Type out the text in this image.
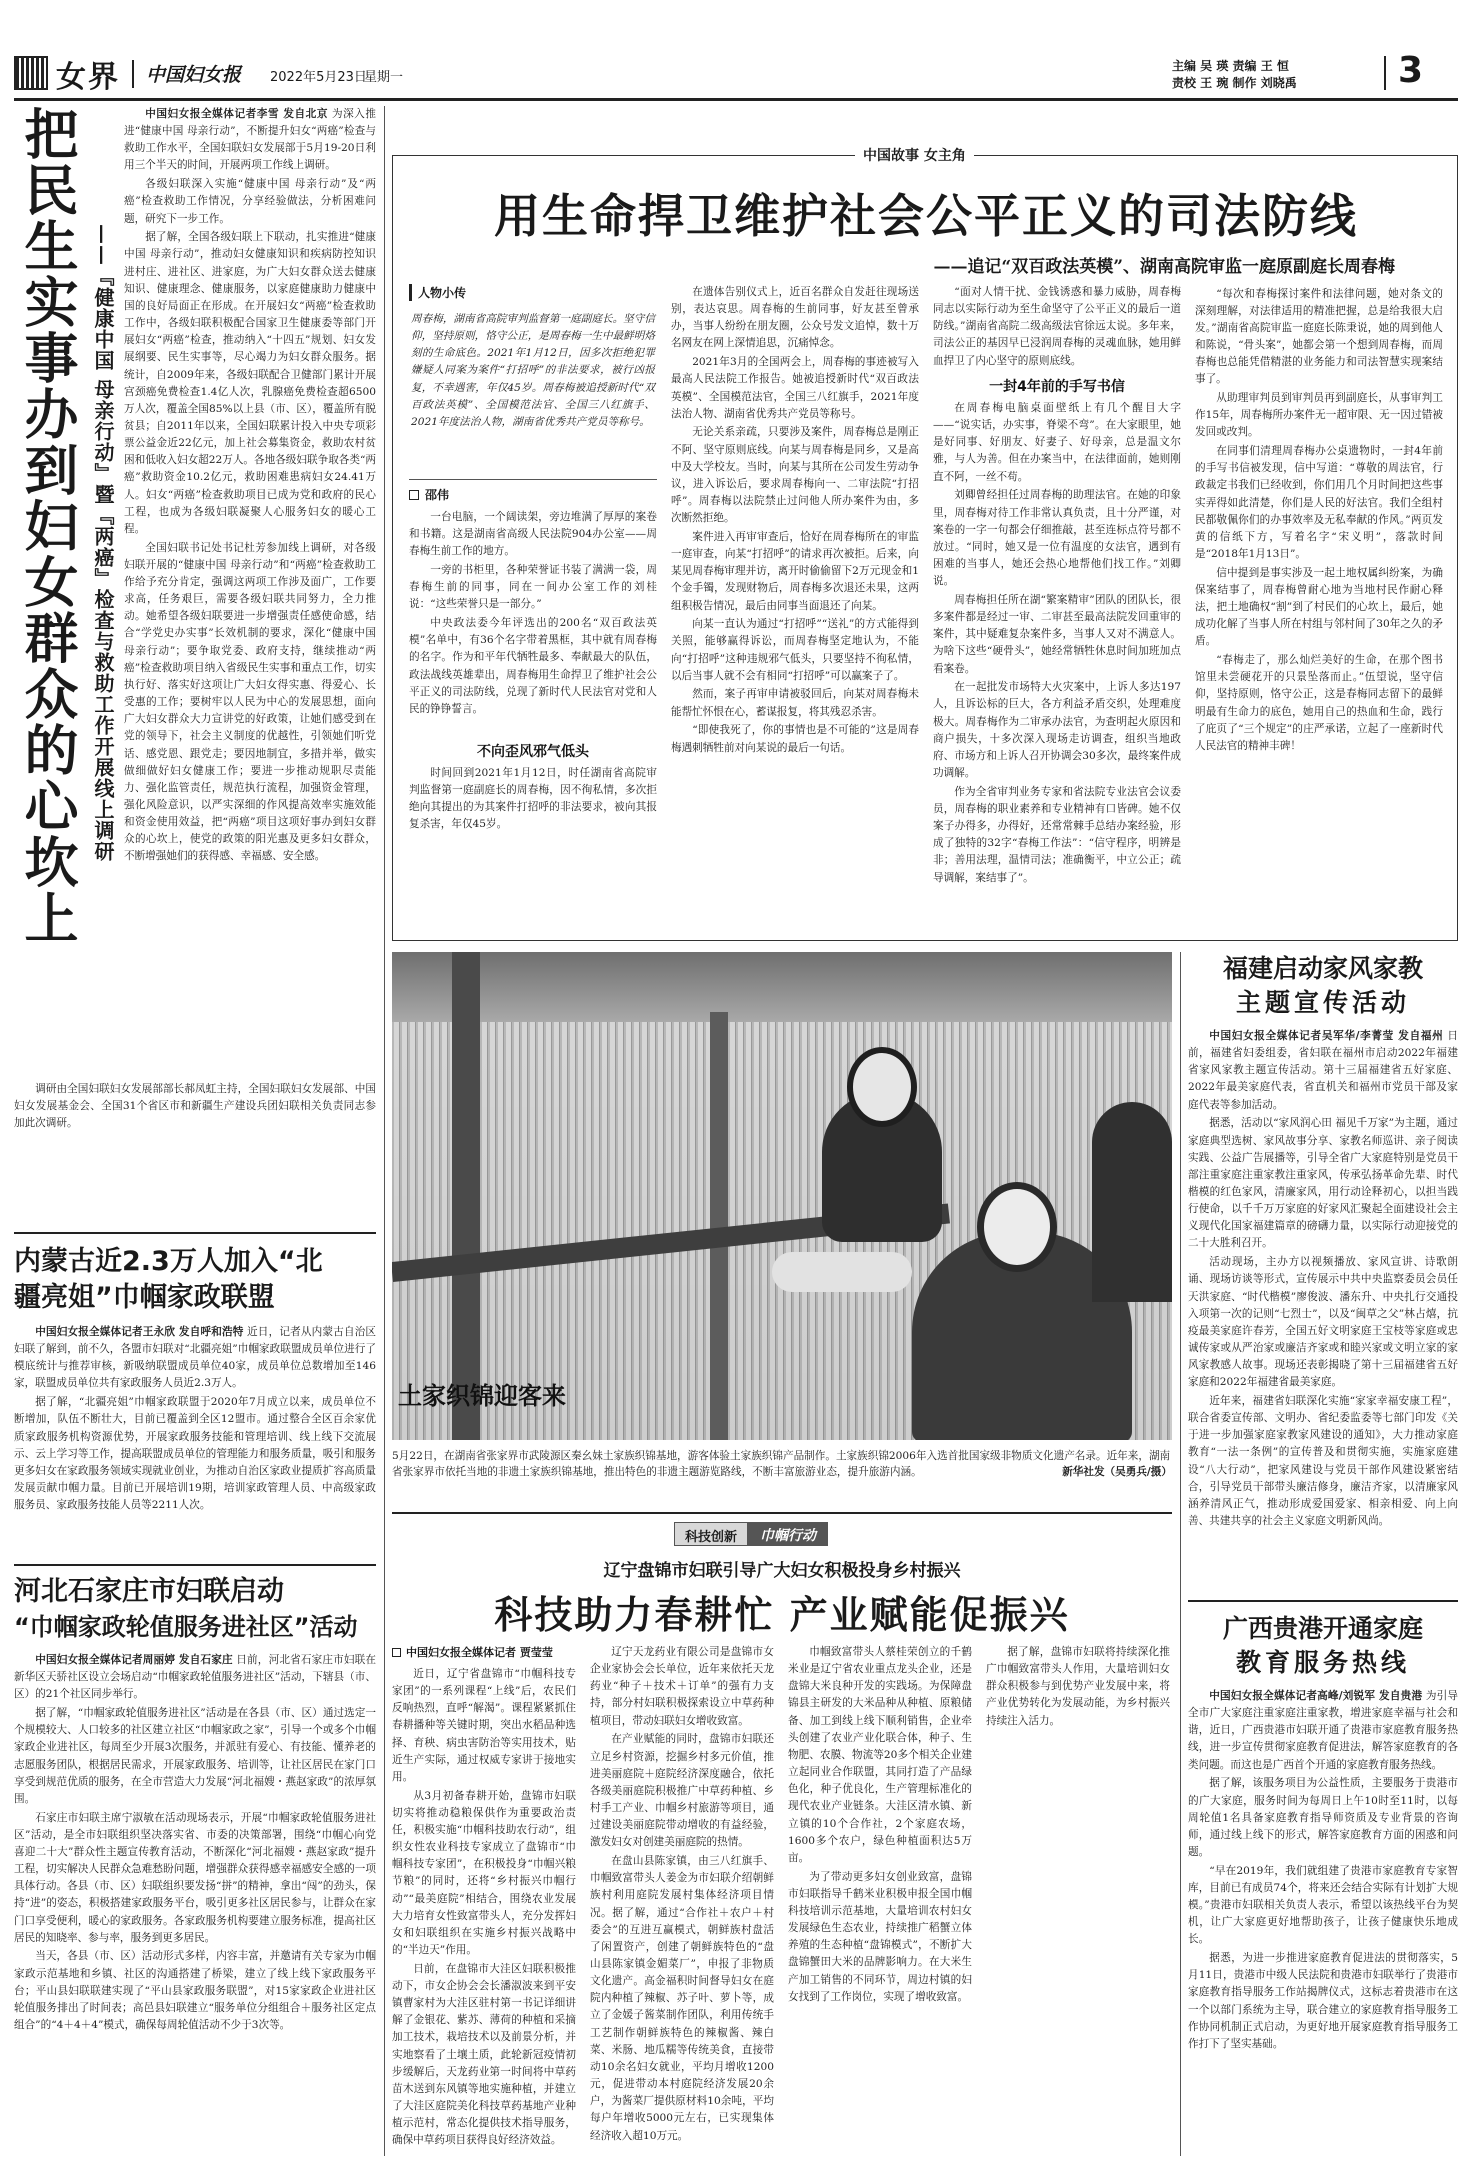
女界 中国妇女报 2022年5月23日
星期一
主编 吴 瑛 责编 王 恒
责校 王 琬 制作 刘晓禹	3
把民生实事办到妇女群众的心坎上 ——『健康中国 母亲行动』暨『两癌』检查与救助工作开展线上调研

中国妇女报全媒体记者李雪 发自北京 为深入推进“健康中国 母亲行动”，不断提升妇女“两癌”检查与救助工作水平，全国妇联妇女发展部于5月19-20日利用三个半天的时间，开展两项工作线上调研。

各级妇联深入实施“健康中国 母亲行动”及“两癌”检查救助工作情况，分享经验做法，分析困难问题，研究下一步工作。

据了解，全国各级妇联上下联动，扎实推进“健康中国 母亲行动”，推动妇女健康知识和疾病防控知识进村庄、进社区、进家庭，为广大妇女群众送去健康知识、健康理念、健康服务，以家庭健康助力健康中国的良好局面正在形成。在开展妇女“两癌”检查救助工作中，各级妇联积极配合国家卫生健康委等部门开展妇女“两癌”检查，推动纳入“十四五”规划、妇女发展纲要、民生实事等，尽心竭力为妇女群众服务。据统计，自2009年来，各级妇联配合卫健部门累计开展宫颈癌免费检查1.4亿人次，乳腺癌免费检查超6500万人次，覆盖全国85%以上县（市、区），覆盖所有脱贫县；自2011年以来，全国妇联累计投入中央专项彩票公益金近22亿元，加上社会募集资金，救助农村贫困和低收入妇女超22万人。各地各级妇联争取各类“两癌”救助资金10.2亿元，救助困难患病妇女24.41万人。妇女“两癌”检查救助项目已成为党和政府的民心工程，也成为各级妇联凝聚人心服务妇女的暖心工程。

全国妇联书记处书记杜芳参加线上调研，对各级妇联开展的“健康中国 母亲行动”和“两癌”检查救助工作给予充分肯定，强调这两项工作涉及面广，工作要求高，任务艰巨，需要各级妇联共同努力，全力推动。她希望各级妇联要进一步增强责任感使命感，结合“学党史办实事”长效机制的要求，深化“健康中国 母亲行动”；要争取党委、政府支持，继续推动“两癌”检查救助项目纳入省级民生实事和重点工作，切实执行好、落实好这项让广大妇女得实惠、得爱心、长受惠的工作；要树牢以人民为中心的发展思想，面向广大妇女群众大力宣讲党的好政策，让她们感受到在党的领导下，社会主义制度的优越性，引领她们听党话、感党恩、跟党走；要因地制宜，多措并举，做实做细做好妇女健康工作；要进一步推动规职尽责能力、强化监管责任，规范执行流程，加强资金管理，强化风险意识，以严实深细的作风提高效率实施效能和资金使用效益，把“两癌”项目这项好事办到妇女群众的心坎上，使党的政策的阳光惠及更多妇女群众，不断增强她们的获得感、幸福感、安全感。

调研由全国妇联妇女发展部部长郝凤虹主持，全国妇联妇女发展部、中国妇女发展基金会、全国31个省区市和新疆生产建设兵团妇联相关负责同志参加此次调研。

内蒙古近2.3万人加入“北
疆亮姐”巾帼家政联盟

中国妇女报全媒体记者王永欣 发自呼和浩特 近日，记者从内蒙古自治区妇联了解到，前不久，各盟市妇联对“北疆亮姐”巾帼家政联盟成员单位进行了模底统计与推荐审核，新吸纳联盟成员单位40家，成员单位总数增加至146家，联盟成员单位共有家政服务人员近2.3万人。

据了解，“北疆亮姐”巾帼家政联盟于2020年7月成立以来，成员单位不断增加，队伍不断壮大，目前已覆盖到全区12盟市。通过整合全区百余家优质家政服务机构资源优势，开展家政服务技能和管理培训、线上线下交流展示、云上学习等工作，提高联盟成员单位的管理能力和服务质量，吸引和服务更多妇女在家政服务领域实现就业创业，为推动自治区家政业提质扩容高质量发展贡献巾帼力量。目前已开展培训19期，培训家政管理人员、中高级家政服务员、家政服务技能人员等2211人次。

河北石家庄市妇联启动
“巾帼家政轮值服务进社区”活动

中国妇女报全媒体记者周丽婷 发自石家庄 日前，河北省石家庄市妇联在新华区天骄社区设立会场启动“巾帼家政轮值服务进社区”活动，下辖县（市、区）的21个社区同步举行。

据了解，“巾帼家政轮值服务进社区”活动是在各县（市、区）通过选定一个规模较大、人口较多的社区建立社区“巾帼家政之家”，引导一个或多个巾帼家政企业进社区，每周至少开展3次服务，并派驻有爱心、有技能、懂养老的志愿服务团队，根据居民需求，开展家政服务、培训等，让社区居民在家门口享受到规范优质的服务，在全市营造大力发展“河北福嫂・燕赵家政”的浓厚氛围。

石家庄市妇联主席宁淑敏在活动现场表示，开展“巾帼家政轮值服务进社区”活动，是全市妇联组织坚决落实省、市委的决策部署，围绕“巾帼心向党 喜迎二十大”群众性主题宣传教育活动，不断深化“河北福嫂・燕赵家政”提升工程，切实解决人民群众急难愁盼问题，增强群众获得感幸福感安全感的一项具体行动。各县（市、区）妇联组织要发扬“拼”的精神，拿出“闯”的劲头，保持“进”的姿态，积极搭建家政服务平台，吸引更多社区居民参与，让群众在家门口享受便利，暖心的家政服务。各家政服务机构要建立服务标准，提高社区居民的知晓率、参与率，服务到更多居民。

当天，各县（市、区）活动形式多样，内容丰富，并邀请有关专家为巾帼家政示范基地和乡镇、社区的沟通搭建了桥梁，建立了线上线下家政服务平台；平山县妇联联建实现了“平山县家政服务联盟”，对15家家政企业进社区轮值服务排出了时间表；高邑县妇联建立“服务单位分组组合＋服务社区定点组合”的“4＋4＋4”模式，确保每周轮值活动不少于3次等。

中国故事 女主角
用生命捍卫维护社会公平正义的司法防线
——追记“双百政法英模”、湖南高院审监一庭原副庭长周春梅
人物小传
周春梅，湖南省高院审判监督第一庭副庭长。坚守信仰，坚持原则，恪守公正，是周春梅一生中最鲜明烙刻的生命底色。2021年1月12日，因多次拒绝犯罪嫌疑人同案为案件“打招呼”的非法要求，被行凶报复，不幸遇害，年仅45岁。周春梅被追授新时代“双百政法英模”、全国模范法官、全国三八红旗手、2021年度法治人物，湖南省优秀共产党员等称号。
邵伟

一台电脑，一个阔读架，旁边堆满了厚厚的案卷和书籍。这是湖南省高级人民法院904办公室——周春梅生前工作的地方。

一旁的书柜里，各种荣誉证书装了满满一袋，周春梅生前的同事，同在一间办公室工作的刘桂说：“这些荣誉只是一部分。”

中央政法委今年评选出的200名“双百政法英模”名单中，有36个名字带着黑框，其中就有周春梅的名字。作为和平年代牺牲最多、奉献最大的队伍，政法战线英雄辈出，周春梅用生命捍卫了维护社会公平正义的司法防线，兑现了新时代人民法官对党和人民的铮铮誓言。

不向歪风邪气低头

时间回到2021年1月12日，时任湖南省高院审判监督第一庭副庭长的周春梅，因不徇私情，多次拒绝向其提出的为其案件打招呼的非法要求，被向其报复杀害，年仅45岁。

在遗体告别仪式上，近百名群众自发赶往现场送别，表达哀思。周春梅的生前同事，好友甚至曾承办，当事人纷纷在朋友圈，公众号发文追悼，数十万名网友在网上深情追思，沉痛悼念。

2021年3月的全国两会上，周春梅的事迹被写入最高人民法院工作报告。她被追授新时代“双百政法英模”、全国模范法官，全国三八红旗手，2021年度法治人物、湖南省优秀共产党员等称号。

无论关系亲疏，只要涉及案件，周春梅总是刚正不阿、坚守原则底线。向某与周春梅是同乡，又是高中及大学校友。当时，向某与其所在公司发生劳动争议，进入诉讼后，要求周春梅向一、二审法院“打招呼”。周春梅以法院禁止过问他人所办案件为由，多次断然拒绝。

案件进入再审审查后，恰好在周春梅所在的审监一庭审查，向某“打招呼”的请求再次被拒。后来，向某见周春梅审理并访，离开时偷偷留下2万元现金和1个金手镯，发现财物后，周春梅多次退还未果，这两组积极告情况，最后由同事当面退还了向某。

向某一直认为通过“打招呼”“送礼”的方式能得到关照，能够赢得诉讼，而周春梅坚定地认为，不能向“打招呼”这种违规邪气低头，只要坚持不徇私情，以后当事人就不会有相同“打招呼”可以赢案子了。

然而，案子再审申请被驳回后，向某对周春梅未能帮忙怀恨在心，蓄谋报复，将其残忍杀害。

“即使我死了，你的事情也是不可能的”这是周春梅遇刺牺牲前对向某说的最后一句话。

“面对人情干扰、金钱诱惑和暴力威胁，周春梅同志以实际行动为至生命坚守了公平正义的最后一道防线。”湖南省高院二级高级法官徐远太说。多年来，司法公正的基因早已浸润周春梅的灵魂血脉，她用鲜血捍卫了内心坚守的原则底线。

一封4年前的手写书信

在周春梅电脑桌面壁纸上有几个醒目大字——“说实话，办实事，脊梁不弯”。在大家眼里，她是好同事、好朋友、好妻子、好母亲，总是温文尔雅，与人为善。但在办案当中，在法律面前，她则刚直不阿，一丝不苟。

刘卿曾经担任过周春梅的助理法官。在她的印象里，周春梅对待工作非常认真负责，且十分严谨，对案卷的一字一句都会仔细推敲，甚至连标点符号都不放过。“同时，她又是一位有温度的女法官，遇到有困难的当事人，她还会热心地帮他们找工作。”刘卿说。

周春梅担任所在湖“繁案精审”团队的团队长，很多案件都是经过一审、二审甚至最高法院发回重审的案件，其中疑难复杂案件多，当事人又对不满意人。为啥下这些“硬骨头”，她经常牺牲休息时间加班加点看案卷。

在一起批发市场特大火灾案中，上诉人多达197人，且诉讼标的巨大，各方利益矛盾交织，处理难度极大。周春梅作为二审承办法官，为查明起火原因和商户损失，十多次深入现场走访调查，组织当地政府、市场方和上诉人召开协调会30多次，最终案件成功调解。

作为全省审判业务专家和省法院专业法官会议委员，周春梅的职业素养和专业精神有口皆碑。她不仅案子办得多，办得好，还常常棘手总结办案经验，形成了独特的32字“春梅工作法”：“信守程序，明辨是非；善用法理，温情司法；准确衡平，中立公正；疏导调解，案结事了”。

“每次和春梅探讨案件和法律问题，她对条文的深刻理解，对法律适用的精准把握，总是给我很大启发。”湖南省高院审监一庭庭长陈秉说，她的周到他人和陈说，“骨头案”，她都会第一个想到周春梅，而周春梅也总能凭借精湛的业务能力和司法智慧实现案结事了。

从助理审判员到审判员再到副庭长，从事审判工作15年，周春梅所办案件无一超审限、无一因过错被发回或改判。

在同事们清理周春梅办公桌遗物时，一封4年前的手写书信被发现，信中写道：“尊敬的周法官，行政裁定书我们已经收到，你们用几个月时间把这些事实弄得如此清楚，你们是人民的好法官。我们全组村民都敬佩你们的办事效率及无私奉献的作风。”两页发黄的信纸下方，写着名字“宋义明”，落款时间是“2018年1月13日”。

信中提到是事实涉及一起土地权属纠纷案，为确保案结事了，周春梅曾耐心地为当地村民作耐心释法，把土地确权“割”到了村民们的心坎上，最后，她成功化解了当事人所在村组与邻村间了30年之久的矛盾。

“春梅走了，那么灿烂美好的生命，在那个图书馆里未尝硬花开的只景坠落而止。”伍望说，坚守信仰，坚持原则，恪守公正，这是春梅同志留下的最鲜明最有生命力的底色，她用自己的热血和生命，践行了庇页了“三个规定”的庄严承诺，立起了一座新时代人民法官的精神丰碑！

土家织锦迎客来
5月22日，在湖南省张家界市武陵源区秦幺妹土家族织锦基地，游客体验土家族织锦产品制作。土家族织锦2006年入选首批国家级非物质文化遗产名录。近年来，湖南省张家界市依托当地的非遗土家族织锦基地，推出特色的非遗主题游览路线，不断丰富旅游业态，提升旅游内涵。	新华社发（吴勇兵/摄）
福建启动家风家教
主题宣传活动

中国妇女报全媒体记者吴军华/李菁莹 发自福州 日前，福建省妇委组委，省妇联在福州市启动2022年福建省家风家教主题宣传活动。第十三届福建省五好家庭、2022年最美家庭代表，省直机关和福州市党员干部及家庭代表等参加活动。

据悉，活动以“家风润心田 福见千万家”为主题，通过家庭典型选树、家风故事分享、家教名师巡讲、亲子阅读实践、公益广告展播等，引导全省广大家庭特别是党员干部注重家庭注重家教注重家风，传承弘扬革命先辈、时代楷模的红色家风，清廉家风，用行动诠释初心，以担当践行使命，以千千万万家庭的好家风汇聚起全面建设社会主义现代化国家福建篇章的磅礴力量，以实际行动迎接党的二十大胜利召开。

活动现场，主办方以视频播放、家风宣讲、诗歌朗诵、现场访谈等形式，宣传展示中共中央监察委员会员任天洪家庭、“时代楷模”廖俊波、潘东升、中央扎行交通投入项第一次的记则“七烈士”，以及“闽草之父”林占熺，抗疫最美家庭许春芳，全国五好文明家庭王宝枝等家庭或忠诚传家或从严治家或廉洁齐家或和睦兴家或文明立家的家风家教感人故事。现场还表彰揭晓了第十三届福建省五好家庭和2022年福建省最美家庭。

近年来，福建省妇联深化实施“家家幸福安康工程”，联合省委宣传部、文明办、省纪委监委等七部门印发《关于进一步加强家庭家教家风建设的通知》，大力推动家庭教育“一法一条例”的宣传普及和贯彻实施，实施家庭建设“八大行动”，把家风建设与党员干部作风建设紧密结合，引导党员干部带头廉洁修身，廉洁齐家，以清廉家风涵养清风正气，推动形成爱国爱家、相亲相爱、向上向善、共建共享的社会主义家庭文明新风尚。

广西贵港开通家庭
教育服务热线

中国妇女报全媒体记者高峰/刘锐军 发自贵港 为引导全市广大家庭注重家庭注重家教，增进家庭幸福与社会和谐，近日，广西贵港市妇联开通了贵港市家庭教育服务热线，进一步宣传贯彻家庭教育促进法，解答家庭教育的各类问题。而这也是广西首个开通的家庭教育服务热线。

据了解，该服务项目为公益性质，主要服务于贵港市的广大家庭，服务时间为每周日上午10时至11时，以每周轮值1名具备家庭教育指导师资质及专业背景的咨询师，通过线上线下的形式，解答家庭教育方面的困惑和问题。

“早在2019年，我们就组建了贵港市家庭教育专家智库，目前已有成员74个，将来还会结合实际有计划扩大规模。”贵港市妇联相关负责人表示，希望以该热线平台为契机，让广大家庭更好地帮助孩子，让孩子健康快乐地成长。

据悉，为进一步推进家庭教育促进法的贯彻落实，5月11日，贵港市中级人民法院和贵港市妇联举行了贵港市家庭教育指导服务工作站揭牌仪式，这标志着贵港市在这一个以部门系统为主导，联合建立的家庭教育指导服务工作协同机制正式启动，为更好地开展家庭教育指导服务工作打下了坚实基础。

科技创新	巾帼行动
辽宁盘锦市妇联引导广大妇女积极投身乡村振兴
科技助力春耕忙 产业赋能促振兴
中国妇女报全媒体记者 贾莹莹

近日，辽宁省盘锦市“巾帼科技专家团”的一系列课程“上线”后，农民们反响热烈，直呼“解渴”。课程紧紧抓住春耕播种等关键时期，突出水稻品种选择、育秧、病虫害防治等实用技术，贴近生产实际，通过权威专家讲于接地实用。

从3月初备春耕开始，盘锦市妇联切实将推动稳粮保供作为重要政治责任，积极实施“巾帼科技助农行动”，组织女性农业科技专家成立了盘锦市“巾帼科技专家团”，在积极投身“巾帼兴粮节粮”的同时，还将“乡村振兴巾帼行动”“最美庭院”相结合，围绕农业发展大力培育女性致富带头人，充分发挥妇女和妇联组织在实施乡村振兴战略中的“半边天”作用。

日前，在盘锦市大洼区妇联积极推动下，市女企协会会长潘淑波来到平安镇曹家村为大洼区驻村第一书记详细讲解了金银花、紫苏、薄荷的种植和采摘加工技术，栽培技术以及前景分析，并实地察看了土壤土质，此轮新冠疫情初步缓解后，天龙药业第一时间将中草药苗木送到东风镇等地实施种植，并建立了大洼区庭院美化科技草药基地产业种植示范村，常态化提供技术指导服务，确保中草药项目获得良好经济效益。

辽宁天龙药业有限公司是盘锦市女企业家协会会长单位，近年来依托天龙药业“种子＋技术＋订单”的强有力支持，部分村妇联积极探索设立中草药种植项目，带动妇联妇女增收致富。

在产业赋能的同时，盘锦市妇联还立足乡村资源，挖掘乡村多元价值，推进美丽庭院＋庭院经济深度融合，依托各级美丽庭院积极推广中草药种植、乡村手工产业、巾帼乡村旅游等项目，通过建设美丽庭院带动增收的有益经验，激发妇女对创建美丽庭院的热情。

在盘山县陈家镇，由三八红旗手、巾帼致富带头人姜金为市妇联介绍朝鲜族村利用庭院发展村集体经济项目情况。据了解，通过“合作社＋农户＋村委会”的互进互赢模式，朝鲜族村盘活了闲置资产，创建了朝鲜族特色的“盘山县陈家镇金媚菜厂”，申报了非物质文化遗产。高金福积时间督导妇女在庭院内种植了辣椒、苏子叶、萝卜等，成立了金媛子酱菜制作团队，利用传统手工艺制作朝鲜族特色的辣椒酱、辣白菜、米肠、地瓜糯等传统美食，直接带动10余名妇女就业，平均月增收1200元，促进带动本村庭院经济发展20余户，为酱菜厂提供原材料10余吨，平均每户年增收5000元左右，已实现集体经济收入超10万元。

巾帼致富带头人蔡桂荣创立的千鹤米业是辽宁省农业重点龙头企业，还是盘锦大米良种开发的实践场。为保障盘锦县主研发的大米品种从种植、原粮储备、加工到线上线下顺利销售，企业牵头创建了农业产业化联合体，种子、生物肥、农膜、物流等20多个相关企业建立起同业合作联盟，其同打造了产品绿色化，种子优良化，生产管理标准化的现代农业产业链条。大洼区清水镇、新立镇的10个合作社，2个家庭农场，1600多个农户，绿色种植面积达5万亩。

为了带动更多妇女创业致富，盘锦市妇联指导千鹤米业积极申报全国巾帼科技培训示范基地，大量培训农村妇女发展绿色生态农业，持续推广稻蟹立体养殖的生态种植“盘锦模式”，不断扩大盘锦蟹田大米的品牌影响力。在大米生产加工销售的不同环节，周边村镇的妇女找到了工作岗位，实现了增收致富。

据了解，盘锦市妇联将持续深化推广巾帼致富带头人作用，大量培训妇女群众积极参与到优势产业发展中来，将产业优势转化为发展动能，为乡村振兴持续注入活力。
